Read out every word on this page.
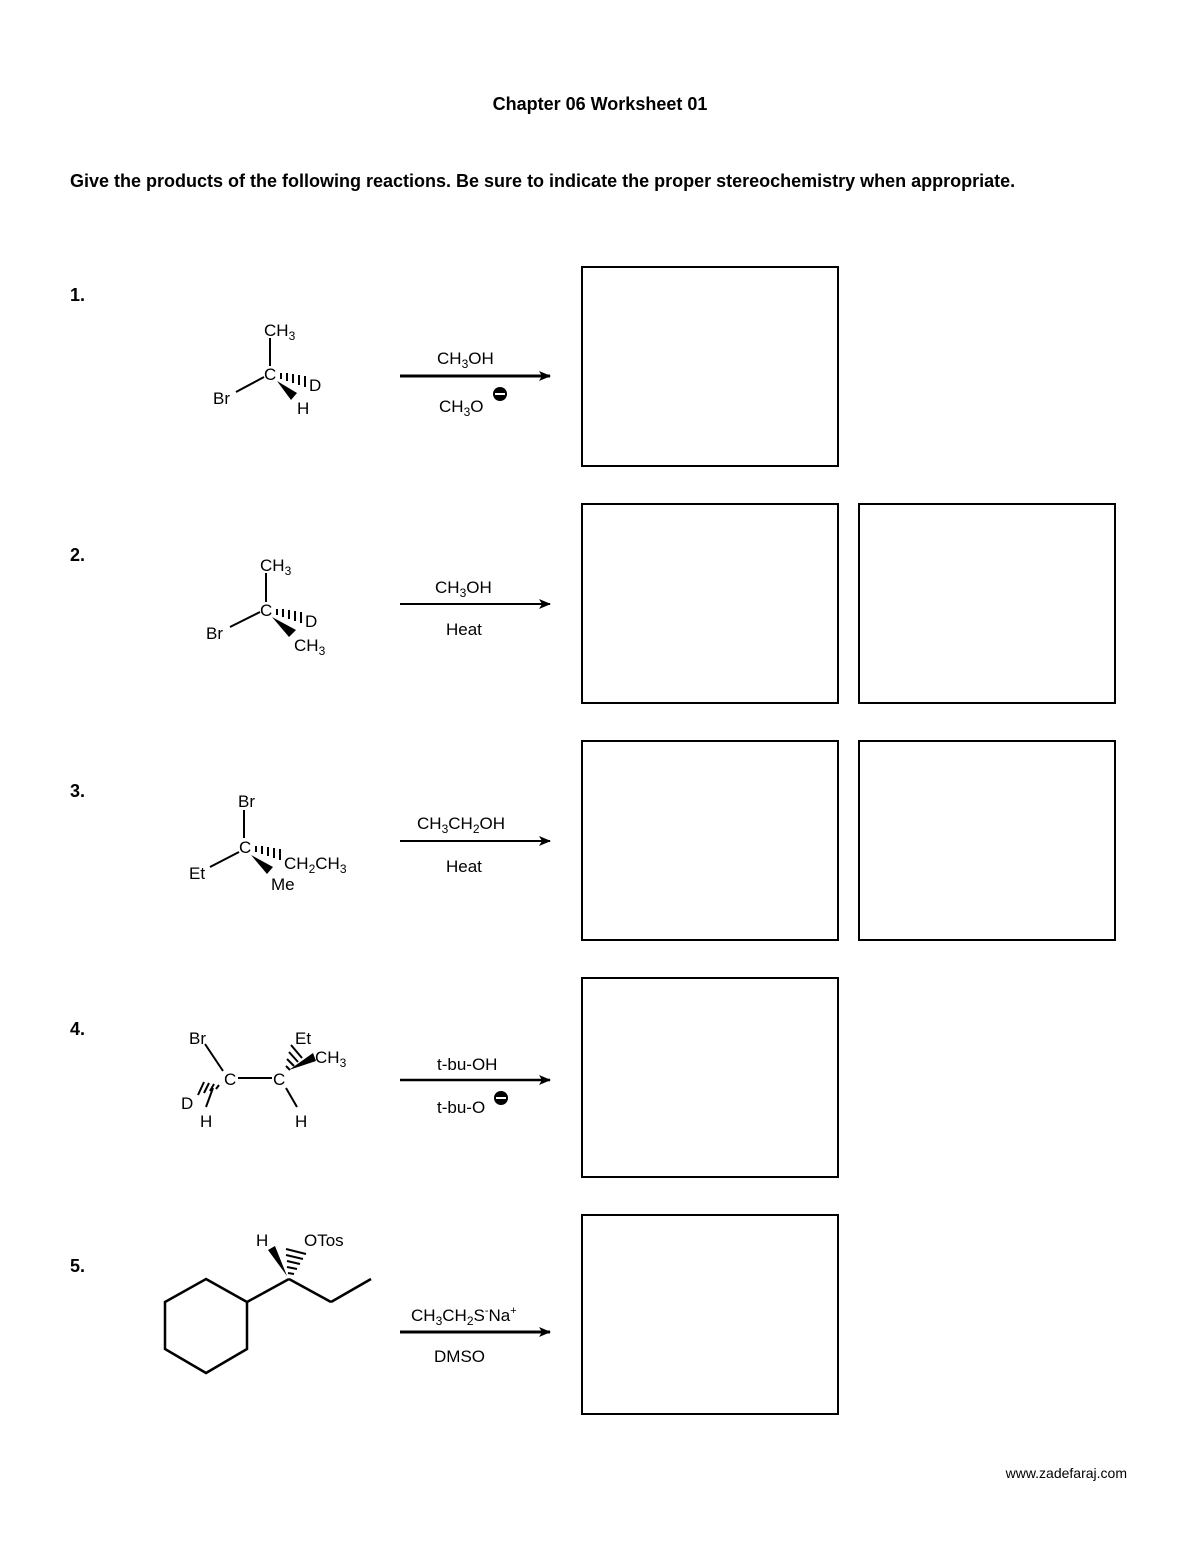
Chapter 06 Worksheet 01
Give the products of the following reactions. Be sure to indicate the proper stereochemistry when appropriate.
1.
2.
3.
4.
5.
$CH_3$
C
Br
D
H
$CH_3OH$
$CH_3O$
$CH_3$
C
Br
D
$CH_3$
$CH_3OH$
Heat
Br
C
Et
$CH_2CH_3$
Me
$CH_3CH_2OH$
Heat
Br
C C
D
H	H
Et
$CH_3$	t-bu-OH
t-bu-O
H OTos
$CH_3CH_2S^-Na^+$
DMSO
www.zadefaraj.com
